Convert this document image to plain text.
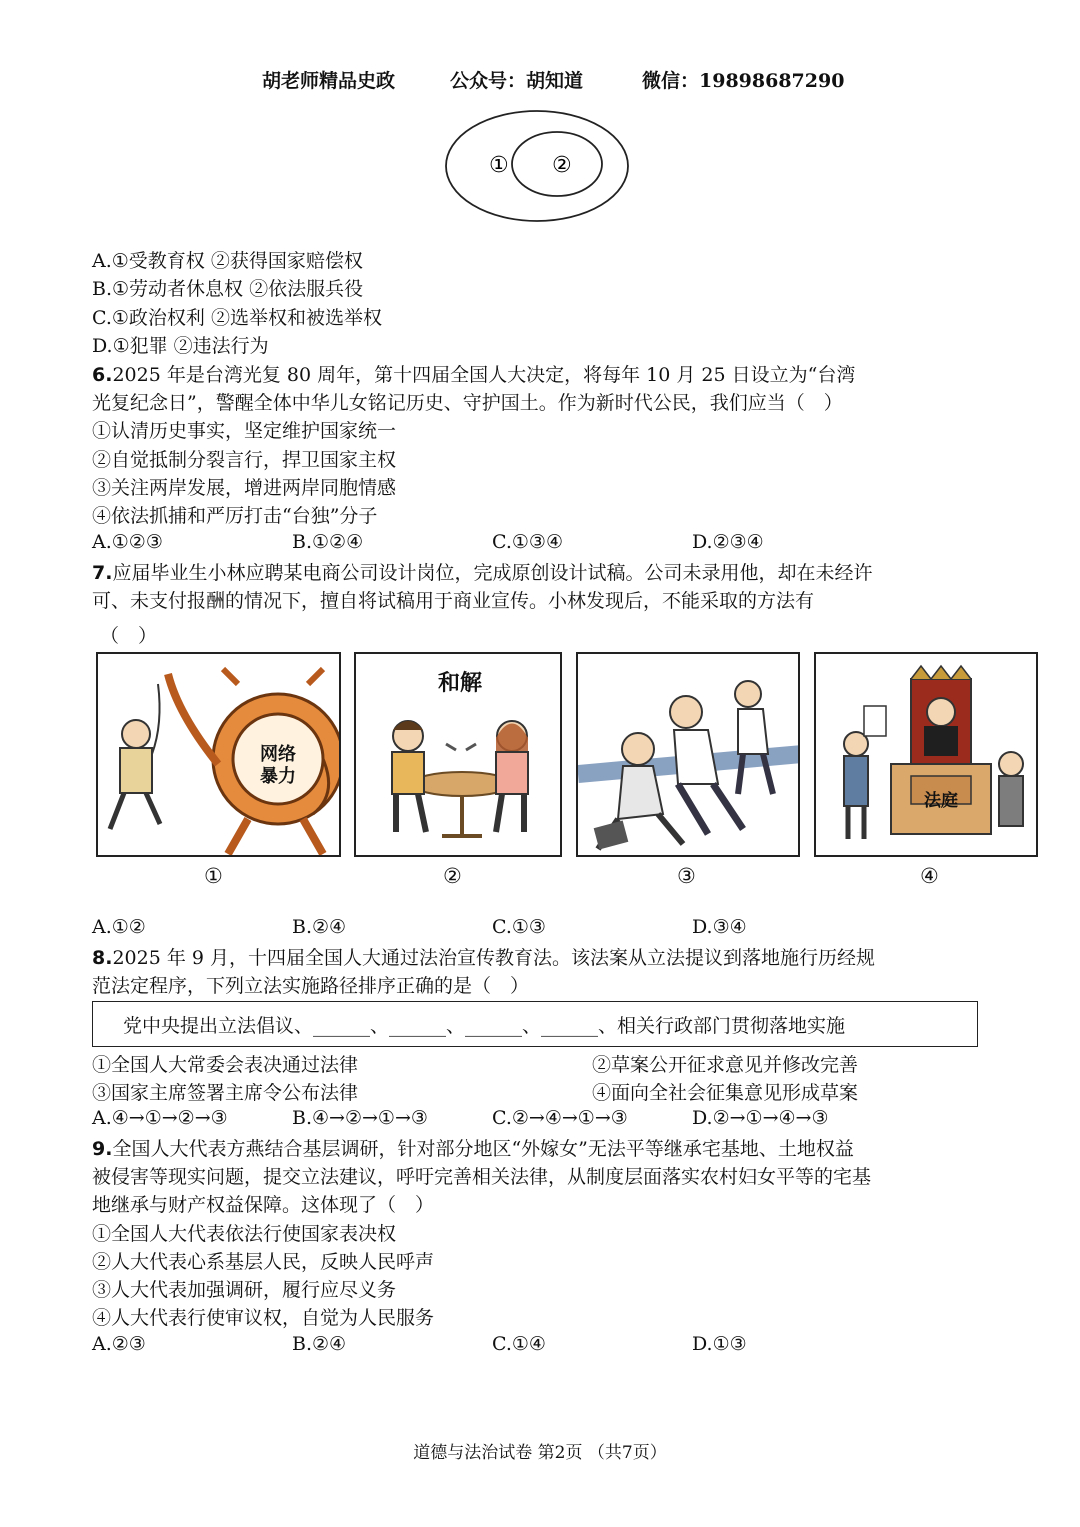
胡老师精品史政	公众号：胡知道	微信：19898687290
① ②
A.①受教育权 ②获得国家赔偿权
B.①劳动者休息权 ②依法服兵役
C.①政治权利 ②选举权和被选举权
D.①犯罪 ②违法行为
6.2025 年是台湾光复 80 周年，第十四届全国人大决定，将每年 10 月 25 日设立为“台湾
光复纪念日”，警醒全体中华儿女铭记历史、守护国土。作为新时代公民，我们应当（　）
①认清历史事实，坚定维护国家统一
②自觉抵制分裂言行，捍卫国家主权
③关注两岸发展，增进两岸同胞情感
④依法抓捕和严厉打击“台独”分子
A.①②③	B.①②④	C.①③④	D.②③④
7.应届毕业生小林应聘某电商公司设计岗位，完成原创设计试稿。公司未录用他，却在未经许
可、未支付报酬的情况下，擅自将试稿用于商业宣传。小林发现后，不能采取的方法有
（　）
网络
暴力
和解
法庭
①	②	③	④
A.①②	B.②④	C.①③	D.③④
8.2025 年 9 月，十四届全国人大通过法治宣传教育法。该法案从立法提议到落地施行历经规
范法定程序，下列立法实施路径排序正确的是（　）
党中央提出立法倡议、______、______、______、______、相关行政部门贯彻落地实施
①全国人大常委会表决通过法律	②草案公开征求意见并修改完善
③国家主席签署主席令公布法律	④面向全社会征集意见形成草案
A.④→①→②→③	B.④→②→①→③	C.②→④→①→③	D.②→①→④→③
9.全国人大代表方燕结合基层调研，针对部分地区“外嫁女”无法平等继承宅基地、土地权益
被侵害等现实问题，提交立法建议，呼吁完善相关法律，从制度层面落实农村妇女平等的宅基
地继承与财产权益保障。这体现了（　）
①全国人大代表依法行使国家表决权
②人大代表心系基层人民，反映人民呼声
③人大代表加强调研，履行应尽义务
④人大代表行使审议权，自觉为人民服务
A.②③	B.②④	C.①④	D.①③
道德与法治试卷 第2页 （共7页）
